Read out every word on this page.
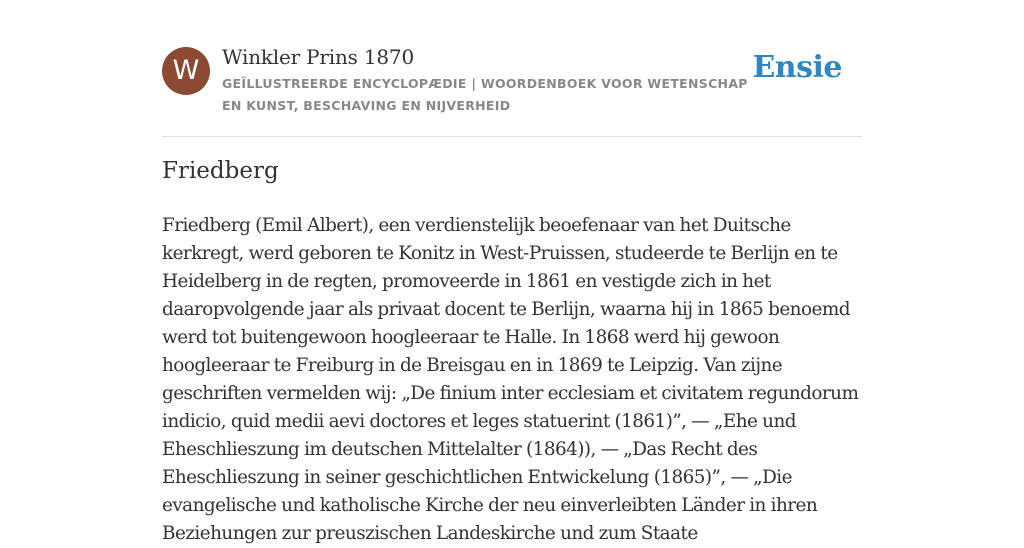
W	Winkler Prins 1870
GEÏLLUSTREERDE ENCYCLOPÆDIE | WOORDENBOEK VOOR WETENSCHAP EN KUNST, BESCHAVING EN NIJVERHEID
Ensie
Friedberg

Friedberg (Emil Albert), een verdienstelijk beoefenaar van het Duitsche kerkregt, werd geboren te Konitz in West-Pruissen, studeerde te Berlijn en te Heidelberg in de regten, promoveerde in 1861 en vestigde zich in het daaropvolgende jaar als privaat docent te Berlijn, waarna hij in 1865 benoemd werd tot buitengewoon hoogleeraar te Halle. In 1868 werd hij gewoon hoogleeraar te Freiburg in de Breisgau en in 1869 te Leipzig. Van zijne geschriften vermelden wij: „De finium inter ecclesiam et civitatem regundorum indicio, quid medii aevi doctores et leges statuerint (1861)”, — „Ehe und Eheschlieszung im deutschen Mittelalter (1864)), — „Das Recht des Eheschlieszung in seiner geschichtlichen Entwickelung (1865)”, — „Die evangelische und katholische Kirche der neu einverleibten Länder in ihren Beziehungen zur preuszischen Landeskirche und zum Staate
